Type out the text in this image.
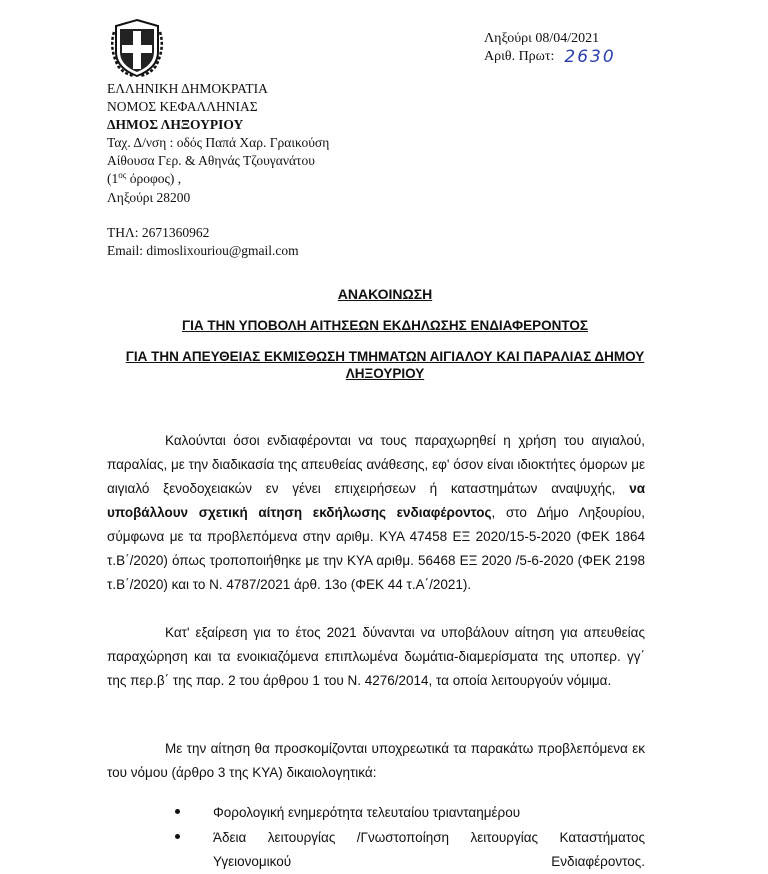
ΕΛΛΗΝΙΚΗ ΔΗΜΟΚΡΑΤΙΑ
ΝΟΜΟΣ ΚΕΦΑΛΛΗΝΙΑΣ
ΔΗΜΟΣ ΛΗΞΟΥΡΙΟΥ
Ταχ. Δ/νση : οδός Παπά Χαρ. Γραικούση
Αίθουσα Γερ. & Αθηνάς Τζουγανάτου
($1^{o\varsigma}$ όροφος) ,
Ληξούρι 28200
ΤΗΛ: 2671360962
Email: dimoslixouriou@gmail.com
Ληξούρι 08/04/2021
Αριθ. Πρωτ: 2630
ΑΝΑΚΟΙΝΩΣΗ
ΓΙΑ ΤΗΝ ΥΠΟΒΟΛΗ ΑΙΤΗΣΕΩΝ ΕΚΔΗΛΩΣΗΣ ΕΝΔΙΑΦΕΡΟΝΤΟΣ
ΓΙΑ ΤΗΝ ΑΠΕΥΘΕΙΑΣ ΕΚΜΙΣΘΩΣΗ ΤΜΗΜΑΤΩΝ ΑΙΓΙΑΛΟΥ ΚΑΙ ΠΑΡΑΛΙΑΣ ΔΗΜΟΥ
ΛΗΞΟΥΡΙΟΥ
Καλούνται όσοι ενδιαφέρονται να τους παραχωρηθεί η χρήση του αιγιαλού, παραλίας, με την διαδικασία της απευθείας ανάθεσης, εφ' όσον είναι ιδιοκτήτες όμορων με αιγιαλό ξενοδοχειακών εν γένει επιχειρήσεων ή καταστημάτων αναψυχής, να υποβάλλουν σχετική αίτηση εκδήλωσης ενδιαφέροντος, στο Δήμο Ληξουρίου, σύμφωνα με τα προβλεπόμενα στην αριθμ. ΚΥΑ 47458 ΕΞ 2020/15-5-2020 (ΦΕΚ 1864 τ.Β΄/2020) όπως τροποποιήθηκε με την ΚΥΑ αριθμ. 56468 ΕΞ 2020 /5-6-2020 (ΦΕΚ 2198 τ.Β΄/2020) και το Ν. 4787/2021 άρθ. 13ο (ΦΕΚ 44 τ.Α΄/2021).
Κατ' εξαίρεση για το έτος 2021 δύνανται να υποβάλουν αίτηση για απευθείας παραχώρηση και τα ενοικιαζόμενα επιπλωμένα δωμάτια-διαμερίσματα της υποπερ. γγ΄ της περ.β΄ της παρ. 2 του άρθρου 1 του Ν. 4276/2014, τα οποία λειτουργούν νόμιμα.
Με την αίτηση θα προσκομίζονται υποχρεωτικά τα παρακάτω προβλεπόμενα εκ του νόμου (άρθρο 3 της ΚΥΑ) δικαιολογητικά:
Φορολογική ενημερότητα τελευταίου τριανταημέρου
Άδεια λειτουργίας /Γνωστοποίηση λειτουργίας Καταστήματος Υγειονομικού Ενδιαφέροντος.
